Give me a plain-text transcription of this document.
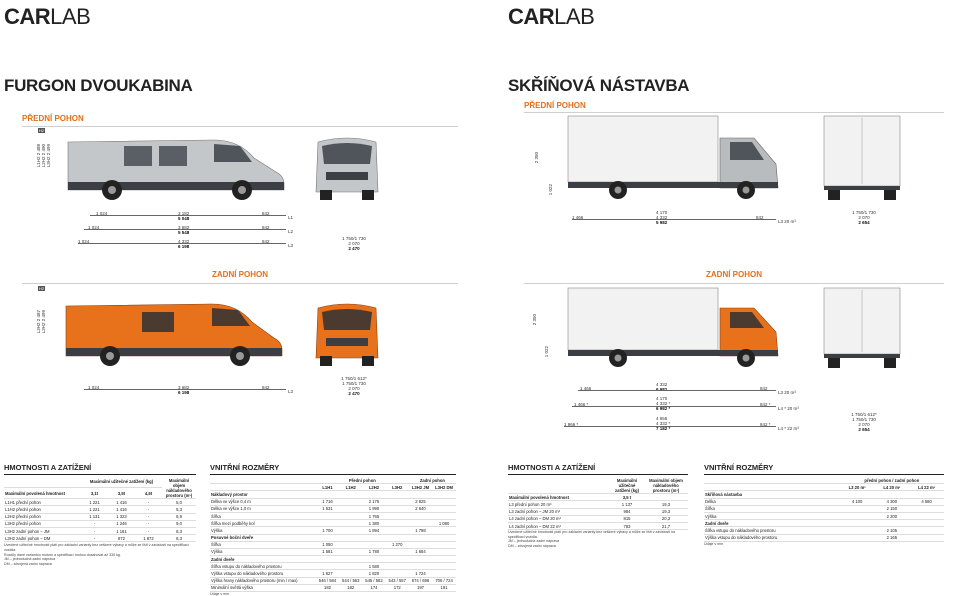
CARLAB
FURGON DVOUKABINA
PŘEDNÍ POHON
H2
L1H2 2 488 L2H2 2 490 L3H2 2 499
1 024	3 182
5 048
842
L1
1 024	3 682
5 548
842
L2
1 024	4 332
6 198
842
L3
1 750/1 730
2 070
2 470
ZADNÍ POHON
H2
L3H2 2 487 L3H2 2 499
1 024	3 682
6 198
842
L3
1 750/1 612*
1 750/1 730
2 070
2 470
CARLAB
SKŘÍŇOVÁ NÁSTAVBA
PŘEDNÍ POHON
2 350
1 022
1 466
4 170
4 332
5 982
842
L3 20 m³
1 750/1 730
2 070
2 654
ZADNÍ POHON
2 350
1 022
1 466
4 332
6 982	842
L3 20 m³
1 466 *
4 170
4 332 *
6 982 *
842 *
L4 * 20 m³
1 966 *
4 656
4 332 *
7 182 *
842 *
L4 * 22 m³
1 750/1 612*
1 750/1 730
2 070
2 654
HMOTNOSTI A ZATÍŽENÍ
	Maximální užitečné zatížení (kg)			Maximální objem nákladového prostoru (m³)
Maximální povolená hmotnost	3,1t	3,5t	4,5t	
L1H1 přední pohon	1 221	1 416	-	5,0
L1H2 přední pohon	1 221	1 416	-	5,3
L2H2 přední pohon	1 131	1 323	-	6,9
L3H2 přední pohon	-	1 246	-	9,0
L3H2 zadní pohon – JM	-	1 161	-	8,3
L3H2 zadní pohon – DM	-	872	1 872	8,3
Uvedené užitečné hmotnosti platí pro základní varianty bez veškeré výbavy a může se lišit v závislosti na specifikaci vozidla.
Rozdíly dané variantou motoru a specifikací mohou dosahovat až 330 kg.
JM – jednoduchá zadní náprava
DM – zdvojená zadní náprava
VNITŘNÍ ROZMĚRY
	Přední pohon				Zadní pohon	
	L1H1	L1H2	L2H2	L3H2	L3H2 JM	L3H2 DM
Nákladový prostor						
Délka ve výšce 0,4 m	1 716		2 175		2 825	
Délka ve výšce 1,0 m	1 531		1 990		2 640	
Šířka			1 765			
Šířka mezi podběhy kol			1 380			1 080
Výška	1 700		1 894		1 798	
Posuvné boční dveře						
Šířka	1 050			1 270		
Výška	1 581		1 780		1 684	
Zadní dveře						
Šířka vstupu do nákladového prostoru			1 580			
Výška vstupu do nákladového prostoru	1 627		1 820		1 724	
Výška hrany nákladového prostoru (min / max)	546 / 584	544 / 563	545 / 562	543 / 557	674 / 696	706 / 724
Minimální světlá výška	182	182	174	172	197	191
Údaje v mm
HMOTNOSTI A ZATÍŽENÍ
	Maximální užitečné zatížení (kg)	Maximální objem nákladového prostoru (m³)
Maximální povolená hmotnost	3,5 t	
L3 přední pohon 20 m³	1 137	19,3
L3 zadní pohon – JM 20 m³	984	19,3
L4 zadní pohon – DM 20 m³	815	20,3
L4 zadní pohon – DM 22 m³	783	21,7
Uvedené užitečné hmotnosti platí pro základní varianty bez veškeré výbavy a může se lišit v závislosti na specifikaci vozidla.
JM – jednoduchá zadní náprava
DM – zdvojená zadní náprava
VNITŘNÍ ROZMĚRY
	přední pohon / zadní pohon		
	L3 20 m³	L4 20 m³	L4 22 m³
Skříňová nástavba			
Délka	4 100	4 300	4 580
Šířka		2 150	
Výška		2 200	
Zadní dveře			
Šířka vstupu do nákladového prostoru		2 105	
Výška vstupu do nákladového prostoru		2 165	
Údaje v mm
